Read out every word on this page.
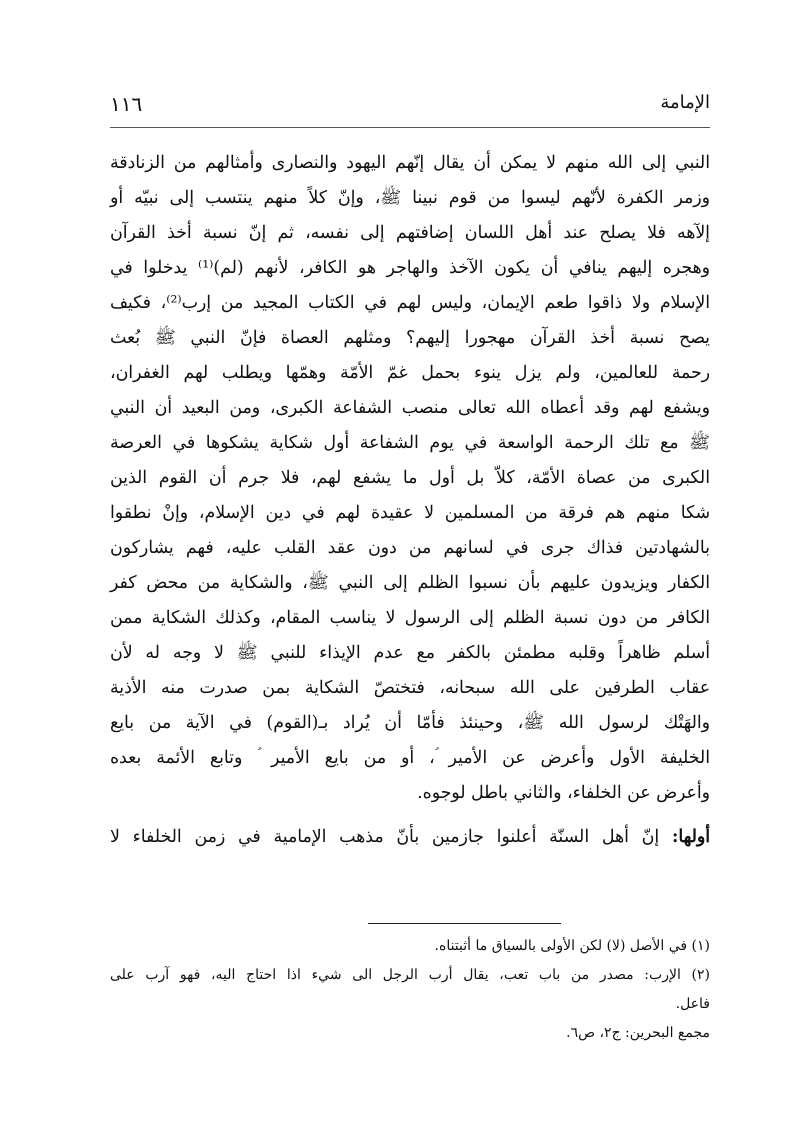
الإمامة
١١٦
النبي إلى الله منهم لا يمكن أن يقال إنّهم اليهود والنصارى وأمثالهم من الزنادقة
وزمر الكفرة لأنّهم ليسوا من قوم نبينا ﷺ، وإنّ كلاً منهم ينتسب إلى نبيّه أو
إلآهه فلا يصلح عند أهل اللسان إضافتهم إلى نفسه، ثم إنّ نسبة أخذ القرآن
وهجره إليهم ينافي أن يكون الآخذ والهاجر هو الكافر، لأنهم (لم)⁽¹⁾ يدخلوا في
الإسلام ولا ذاقوا طعم الإيمان، وليس لهم في الكتاب المجيد من إرب⁽²⁾، فكيف
يصح نسبة أخذ القرآن مهجورا إليهم؟ ومثلهم العصاة فإنّ النبي ﷺ بُعث
رحمة للعالمين، ولم يزل ينوء بحمل غمّ الأمّة وهمّها ويطلب لهم الغفران،
ويشفع لهم وقد أعطاه الله تعالى منصب الشفاعة الكبرى، ومن البعيد أن النبي
ﷺ مع تلك الرحمة الواسعة في يوم الشفاعة أول شكاية يشكوها في العرصة
الكبرى من عصاة الأمّة، كلاّ بل أول ما يشفع لهم، فلا جرم أن القوم الذين
شكا منهم هم فرقة من المسلمين لا عقيدة لهم في دين الإسلام، وإنْ نطقوا
بالشهادتين فذاك جرى في لسانهم من دون عقد القلب عليه، فهم يشاركون
الكفار ويزيدون عليهم بأن نسبوا الظلم إلى النبي ﷺ، والشكاية من محض كفر
الكافر من دون نسبة الظلم إلى الرسول لا يناسب المقام، وكذلك الشكاية ممن
أسلم ظاهراً وقلبه مطمئن بالكفر مع عدم الإيذاء للنبي ﷺ لا وجه له لأن
عقاب الطرفين على الله سبحانه، فتختصّ الشكاية بمن صدرت منه الأذية
والهَتْك لرسول الله ﷺ، وحينئذ فأمّا أن يُراد بـ(القوم) في الآية من بايع
الخليفة الأول وأعرض عن الأمير ؑ، أو من بايع الأمير ؑ وتابع الأئمة بعده
وأعرض عن الخلفاء، والثاني باطل لوجوه.
أولها: إنّ أهل السنّة أعلنوا جازمين بأنّ مذهب الإمامية في زمن الخلفاء لا
(١) في الأصل (لا) لكن الأولى بالسياق ما أثبتناه.
(٢) الإرب: مصدر من باب تعب، يقال أرب الرجل الى شيء اذا احتاج اليه، فهو آرب على
فاعل.
مجمع البحرين: ج٢، ص٦.
